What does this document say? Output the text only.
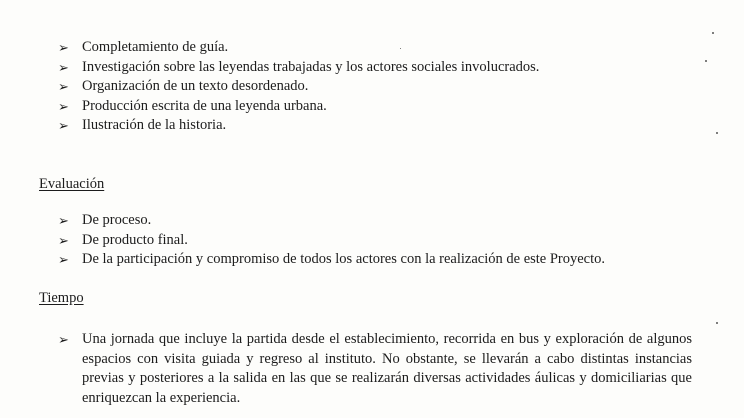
➢ Completamiento de guía.
➢ Investigación sobre las leyendas trabajadas y los actores sociales involucrados.
➢ Organización de un texto desordenado.
➢ Producción escrita de una leyenda urbana.
➢ Ilustración de la historia.
Evaluación
➢ De proceso.
➢ De producto final.
➢ De la participación y compromiso de todos los actores con la realización de este Proyecto.
Tiempo
➢ Una jornada que incluye la partida desde el establecimiento, recorrida en bus y exploración de algunos espacios con visita guiada y regreso al instituto. No obstante, se llevarán a cabo distintas instancias previas y posteriores a la salida en las que se realizarán diversas actividades áulicas y domiciliarias que enriquezcan la experiencia.
